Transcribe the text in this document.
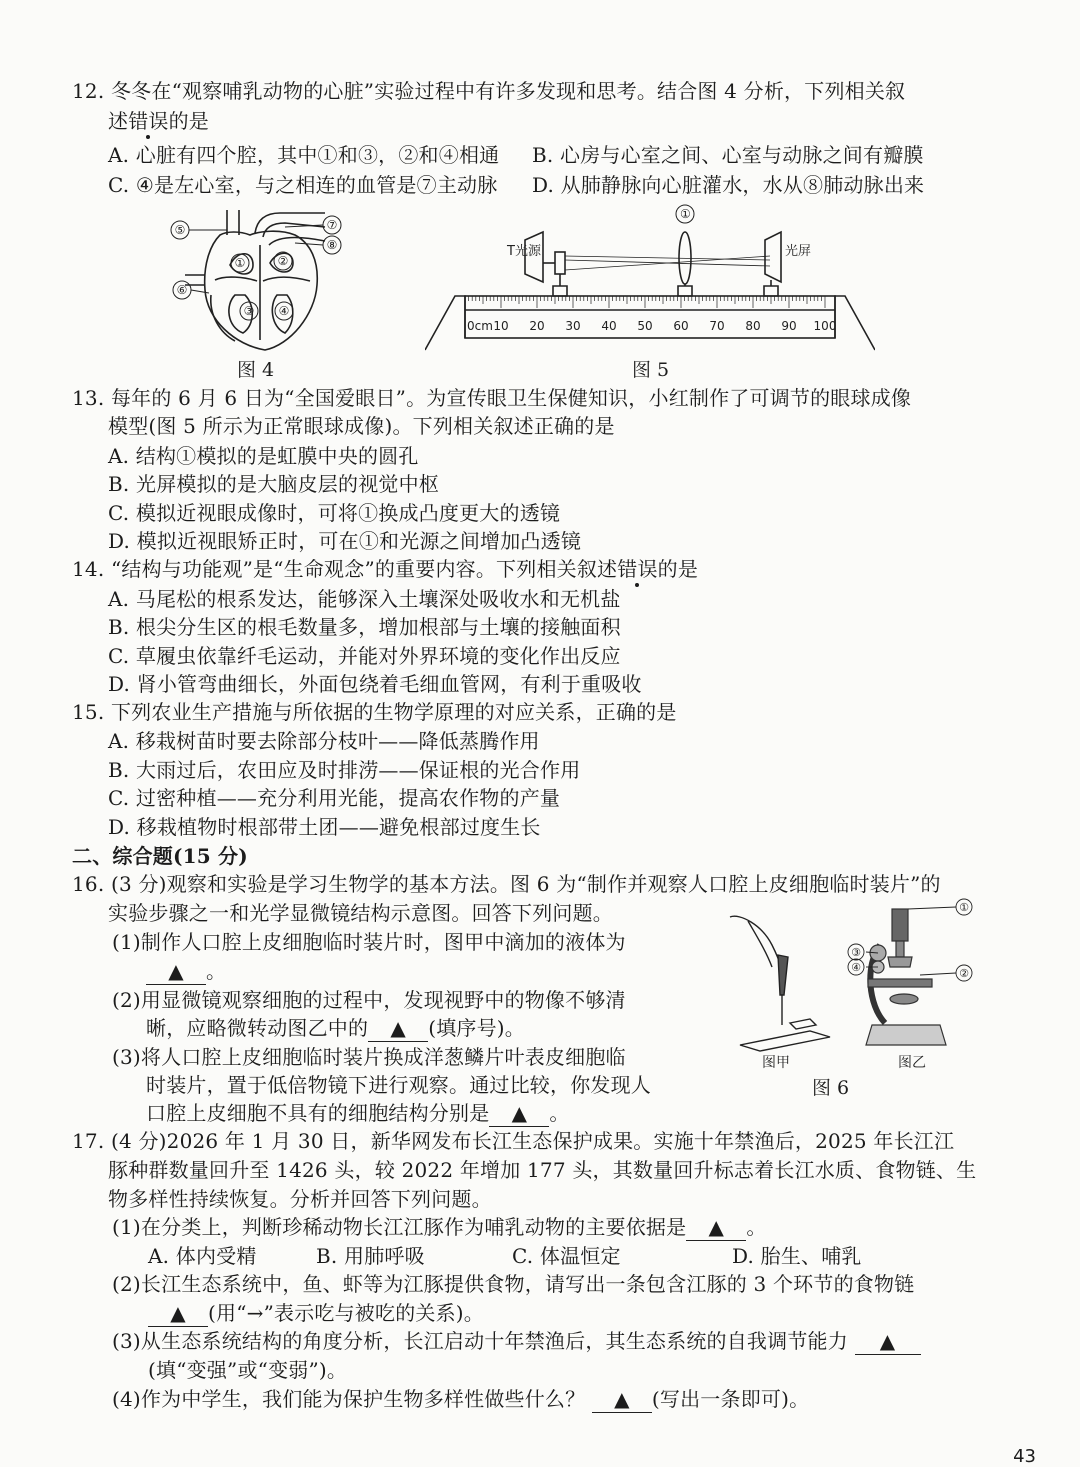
12. 冬冬在“观察哺乳动物的心脏”实验过程中有许多发现和思考。结合图 4 分析，下列相关叙
述错误的是
A. 心脏有四个腔，其中①和③，②和④相通 B. 心房与心室之间、心室与动脉之间有瓣膜
C. ④是左心室，与之相连的血管是⑦主动脉 D. 从肺静脉向心脏灌水，水从⑧肺动脉出来
⑤	⑦
⑧
①	②
⑥
③ ④
图 4
T光源	光屏
①
0cm 10 20 30 40 50 60 70 80 90 100
图 5
13. 每年的 6 月 6 日为“全国爱眼日”。为宣传眼卫生保健知识，小红制作了可调节的眼球成像
模型(图 5 所示为正常眼球成像)。下列相关叙述正确的是
A. 结构①模拟的是虹膜中央的圆孔
B. 光屏模拟的是大脑皮层的视觉中枢
C. 模拟近视眼成像时，可将①换成凸度更大的透镜
D. 模拟近视眼矫正时，可在①和光源之间增加凸透镜
14. “结构与功能观”是“生命观念”的重要内容。下列相关叙述错误的是
A. 马尾松的根系发达，能够深入土壤深处吸收水和无机盐
B. 根尖分生区的根毛数量多，增加根部与土壤的接触面积
C. 草履虫依靠纤毛运动，并能对外界环境的变化作出反应
D. 肾小管弯曲细长，外面包绕着毛细血管网，有利于重吸收
15. 下列农业生产措施与所依据的生物学原理的对应关系，正确的是
A. 移栽树苗时要去除部分枝叶——降低蒸腾作用
B. 大雨过后，农田应及时排涝——保证根的光合作用
C. 过密种植——充分利用光能，提高农作物的产量
D. 移栽植物时根部带土团——避免根部过度生长
二、综合题(15 分)
16. (3 分)观察和实验是学习生物学的基本方法。图 6 为“制作并观察人口腔上皮细胞临时装片”的
实验步骤之一和光学显微镜结构示意图。回答下列问题。
(1)制作人口腔上皮细胞临时装片时，图甲中滴加的液体为
▲ 。
(2)用显微镜观察细胞的过程中，发现视野中的物像不够清
晰，应略微转动图乙中的 ▲ (填序号)。
(3)将人口腔上皮细胞临时装片换成洋葱鳞片叶表皮细胞临
时装片，置于低倍物镜下进行观察。通过比较，你发现人
口腔上皮细胞不具有的细胞结构分别是 ▲ 。
①
②
③
④
图甲	图乙
图 6
17. (4 分)2026 年 1 月 30 日，新华网发布长江生态保护成果。实施十年禁渔后，2025 年长江江
豚种群数量回升至 1426 头，较 2022 年增加 177 头，其数量回升标志着长江水质、食物链、生
物多样性持续恢复。分析并回答下列问题。
(1)在分类上，判断珍稀动物长江江豚作为哺乳动物的主要依据是 ▲ 。
A. 体内受精	B. 用肺呼吸	C. 体温恒定	D. 胎生、哺乳
(2)长江生态系统中，鱼、虾等为江豚提供食物，请写出一条包含江豚的 3 个环节的食物链
▲ (用“→”表示吃与被吃的关系)。
(3)从生态系统结构的角度分析，长江启动十年禁渔后，其生态系统的自我调节能力 ▲
(填“变强”或“变弱”)。
(4)作为中学生，我们能为保护生物多样性做些什么？ ▲ (写出一条即可)。
43
